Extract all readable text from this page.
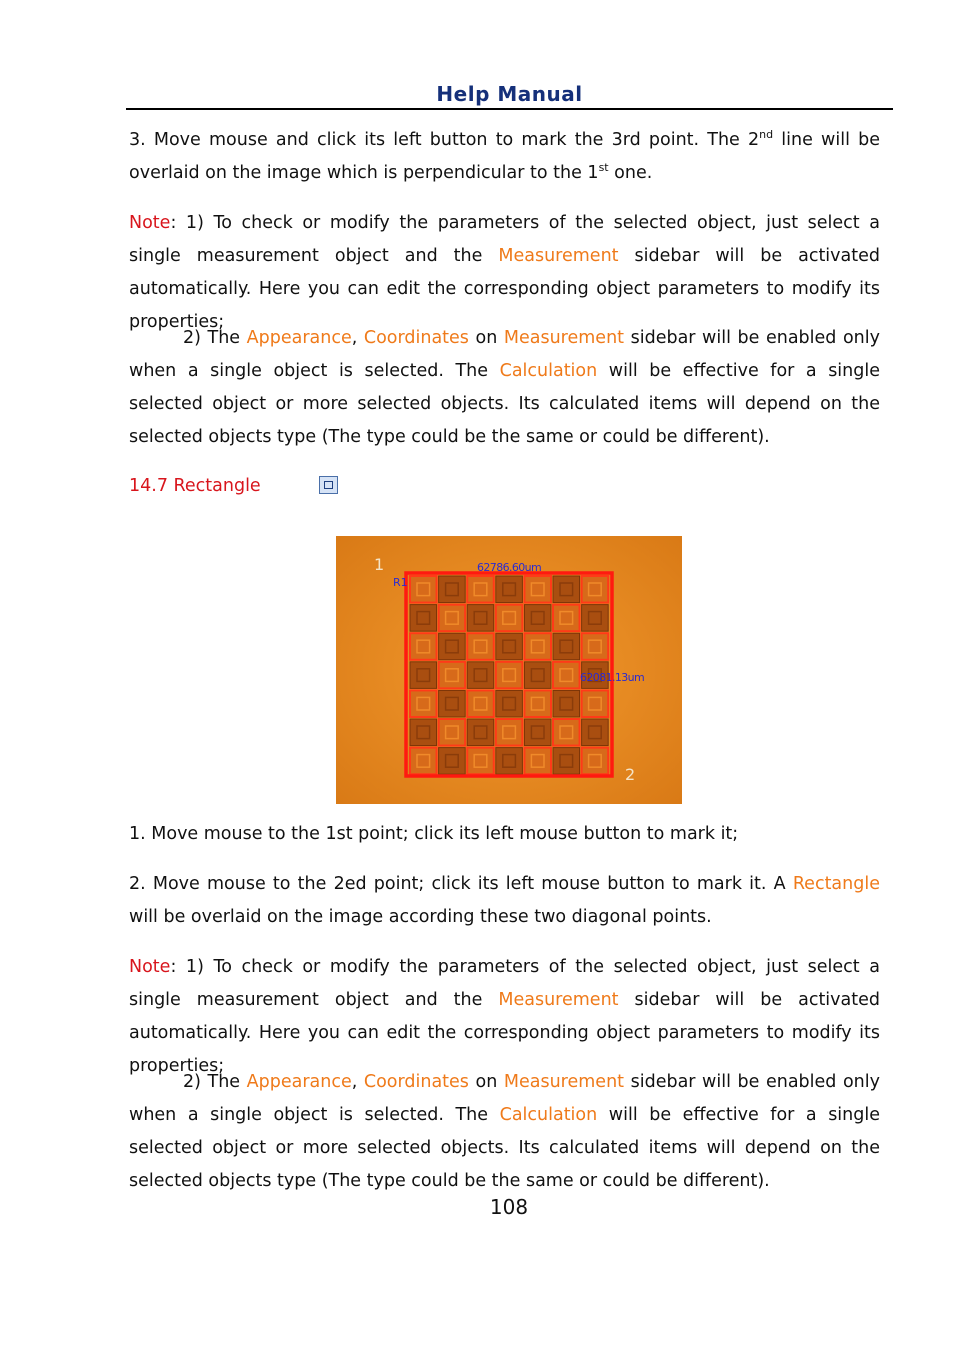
Help Manual

3. Move mouse and click its left button to mark the 3rd point. The 2nd line will be overlaid on the image which is perpendicular to the 1st one.

Note: 1) To check or modify the parameters of the selected object, just select a single measurement object and the Measurement sidebar will be activated automatically. Here you can edit the corresponding object parameters to modify its properties;

2) The Appearance, Coordinates on Measurement sidebar will be enabled only when a single object is selected. The Calculation will be effective for a single selected object or more selected objects. Its calculated items will depend on the selected objects type (The type could be the same or could be different).

14.7 Rectangle
1
2
R1
62786.60um
62081.13um

1. Move mouse to the 1st point; click its left mouse button to mark it;

2. Move mouse to the 2ed point; click its left mouse button to mark it. A Rectangle will be overlaid on the image according these two diagonal points.

Note: 1) To check or modify the parameters of the selected object, just select a single measurement object and the Measurement sidebar will be activated automatically. Here you can edit the corresponding object parameters to modify its properties;

2) The Appearance, Coordinates on Measurement sidebar will be enabled only when a single object is selected. The Calculation will be effective for a single selected object or more selected objects. Its calculated items will depend on the selected objects type (The type could be the same or could be different).

108
